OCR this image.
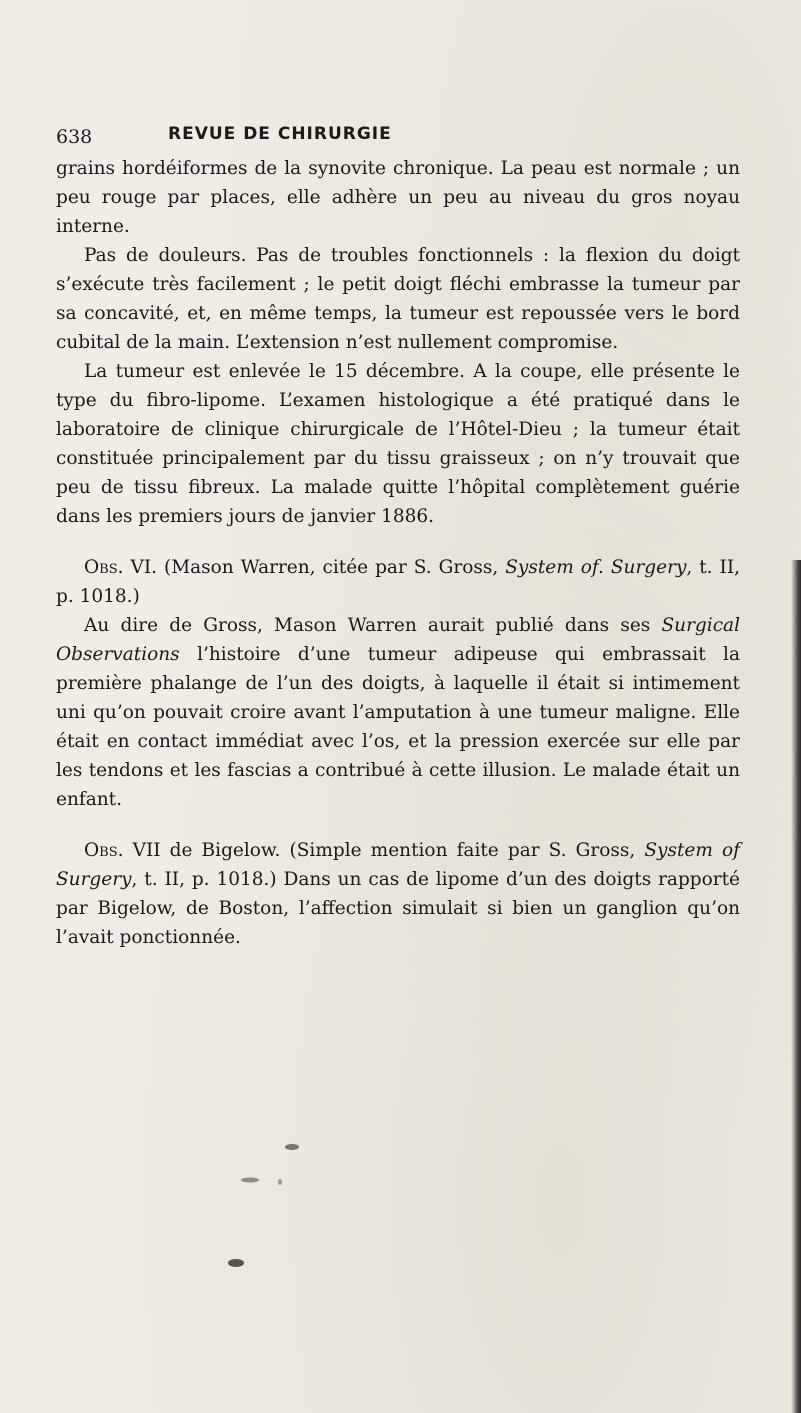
638	REVUE DE CHIRURGIE

grains hordéiformes de la synovite chronique. La peau est normale ; un peu rouge par places, elle adhère un peu au niveau du gros noyau interne.

Pas de douleurs. Pas de troubles fonctionnels : la flexion du doigt s’exécute très facilement ; le petit doigt fléchi embrasse la tumeur par sa concavité, et, en même temps, la tumeur est repoussée vers le bord cubital de la main. L’extension n’est nullement compromise.

La tumeur est enlevée le 15 décembre. A la coupe, elle présente le type du fibro-lipome. L’examen histologique a été pratiqué dans le laboratoire de clinique chirurgicale de l’Hôtel-Dieu ; la tumeur était constituée principalement par du tissu graisseux ; on n’y trouvait que peu de tissu fibreux. La malade quitte l’hôpital complètement guérie dans les premiers jours de janvier 1886.

Obs. VI. (Mason Warren, citée par S. Gross, System of. Surgery, t. II, p. 1018.)

Au dire de Gross, Mason Warren aurait publié dans ses Surgical Observations l’histoire d’une tumeur adipeuse qui embrassait la première phalange de l’un des doigts, à laquelle il était si intimement uni qu’on pouvait croire avant l’amputation à une tumeur maligne. Elle était en contact immédiat avec l’os, et la pression exercée sur elle par les tendons et les fascias a contribué à cette illusion. Le malade était un enfant.

Obs. VII de Bigelow. (Simple mention faite par S. Gross, System of Surgery, t. II, p. 1018.) Dans un cas de lipome d’un des doigts rapporté par Bigelow, de Boston, l’affection simulait si bien un ganglion qu’on l’avait ponctionnée.
